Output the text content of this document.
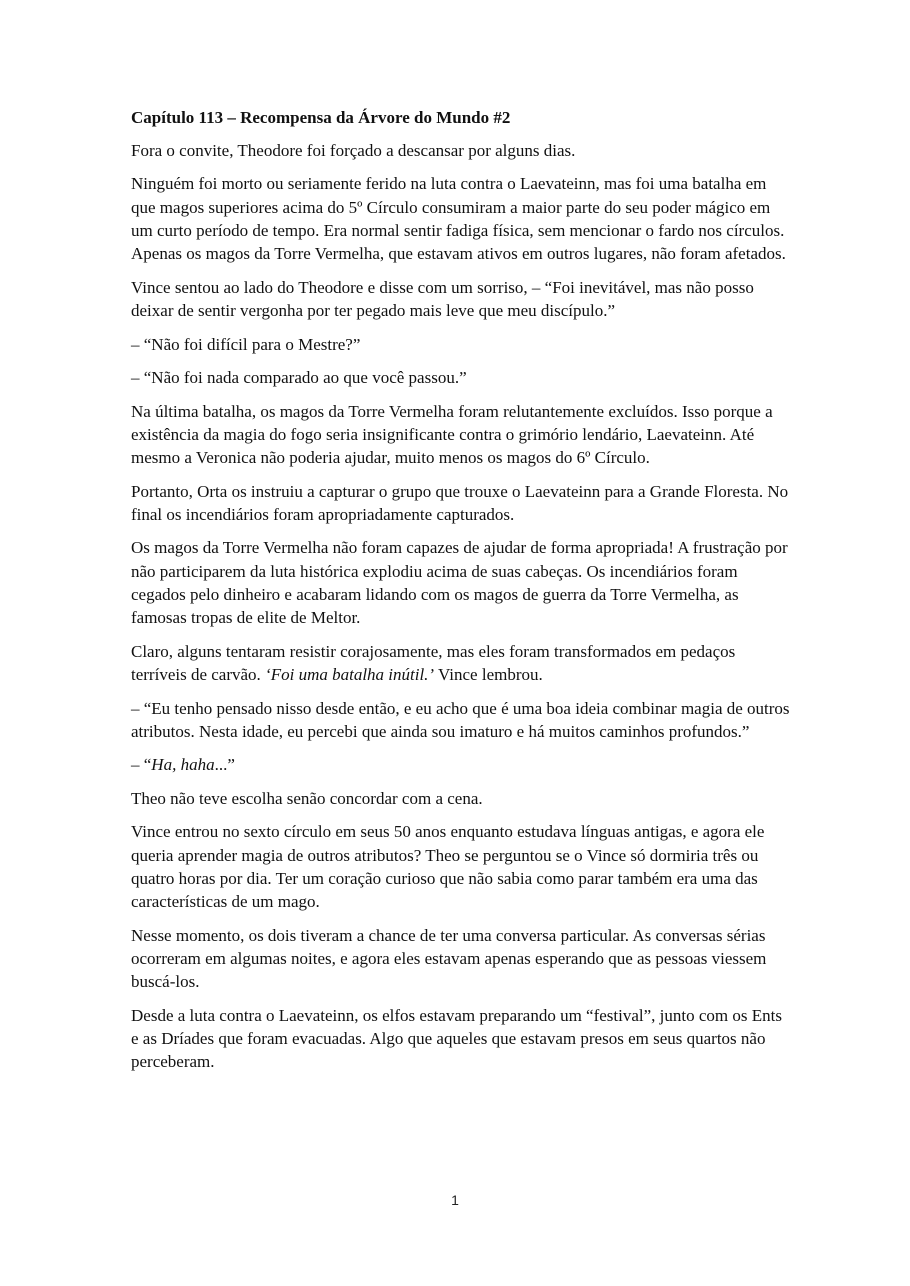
Capítulo 113 – Recompensa da Árvore do Mundo #2

Fora o convite, Theodore foi forçado a descansar por alguns dias.

Ninguém foi morto ou seriamente ferido na luta contra o Laevateinn, mas foi uma batalha em que magos superiores acima do 5º Círculo consumiram a maior parte do seu poder mágico em um curto período de tempo. Era normal sentir fadiga física, sem mencionar o fardo nos círculos. Apenas os magos da Torre Vermelha, que estavam ativos em outros lugares, não foram afetados.

Vince sentou ao lado do Theodore e disse com um sorriso, – “Foi inevitável, mas não posso deixar de sentir vergonha por ter pegado mais leve que meu discípulo.”

– “Não foi difícil para o Mestre?”

– “Não foi nada comparado ao que você passou.”

Na última batalha, os magos da Torre Vermelha foram relutantemente excluídos. Isso porque a existência da magia do fogo seria insignificante contra o grimório lendário, Laevateinn. Até mesmo a Veronica não poderia ajudar, muito menos os magos do 6º Círculo.

Portanto, Orta os instruiu a capturar o grupo que trouxe o Laevateinn para a Grande Floresta. No final os incendiários foram apropriadamente capturados.

Os magos da Torre Vermelha não foram capazes de ajudar de forma apropriada! A frustração por não participarem da luta histórica explodiu acima de suas cabeças. Os incendiários foram cegados pelo dinheiro e acabaram lidando com os magos de guerra da Torre Vermelha, as famosas tropas de elite de Meltor.

Claro, alguns tentaram resistir corajosamente, mas eles foram transformados em pedaços terríveis de carvão. ‘Foi uma batalha inútil.’ Vince lembrou.

– “Eu tenho pensado nisso desde então, e eu acho que é uma boa ideia combinar magia de outros atributos. Nesta idade, eu percebi que ainda sou imaturo e há muitos caminhos profundos.”

– “Ha, haha...”

Theo não teve escolha senão concordar com a cena.

Vince entrou no sexto círculo em seus 50 anos enquanto estudava línguas antigas, e agora ele queria aprender magia de outros atributos? Theo se perguntou se o Vince só dormiria três ou quatro horas por dia. Ter um coração curioso que não sabia como parar também era uma das características de um mago.

Nesse momento, os dois tiveram a chance de ter uma conversa particular. As conversas sérias ocorreram em algumas noites, e agora eles estavam apenas esperando que as pessoas viessem buscá-los.

Desde a luta contra o Laevateinn, os elfos estavam preparando um “festival”, junto com os Ents e as Dríades que foram evacuadas. Algo que aqueles que estavam presos em seus quartos não perceberam.

1
